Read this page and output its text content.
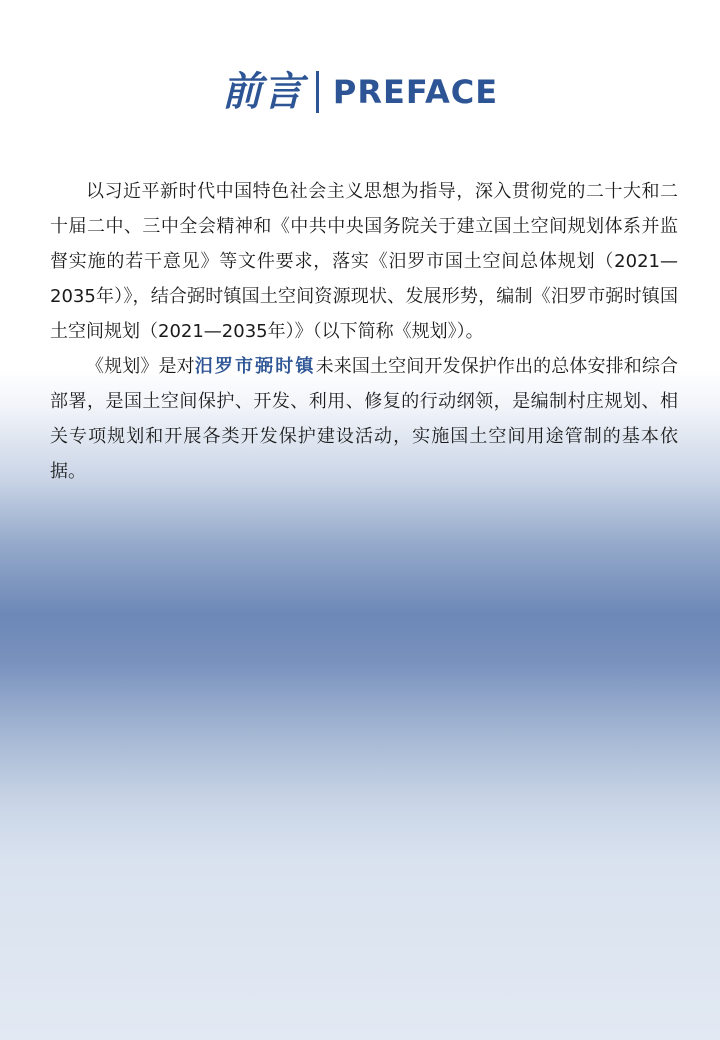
前言 PREFACE

以习近平新时代中国特色社会主义思想为指导，深入贯彻党的二十大和二十届二中、三中全会精神和《中共中央国务院关于建立国土空间规划体系并监督实施的若干意见》等文件要求，落实《汨罗市国土空间总体规划（2021—2035年）》，结合弼时镇国土空间资源现状、发展形势，编制《汨罗市弼时镇国土空间规划（2021—2035年）》（以下简称《规划》）。

《规划》是对汨罗市弼时镇未来国土空间开发保护作出的总体安排和综合部署，是国土空间保护、开发、利用、修复的行动纲领，是编制村庄规划、相关专项规划和开展各类开发保护建设活动，实施国土空间用途管制的基本依据。
